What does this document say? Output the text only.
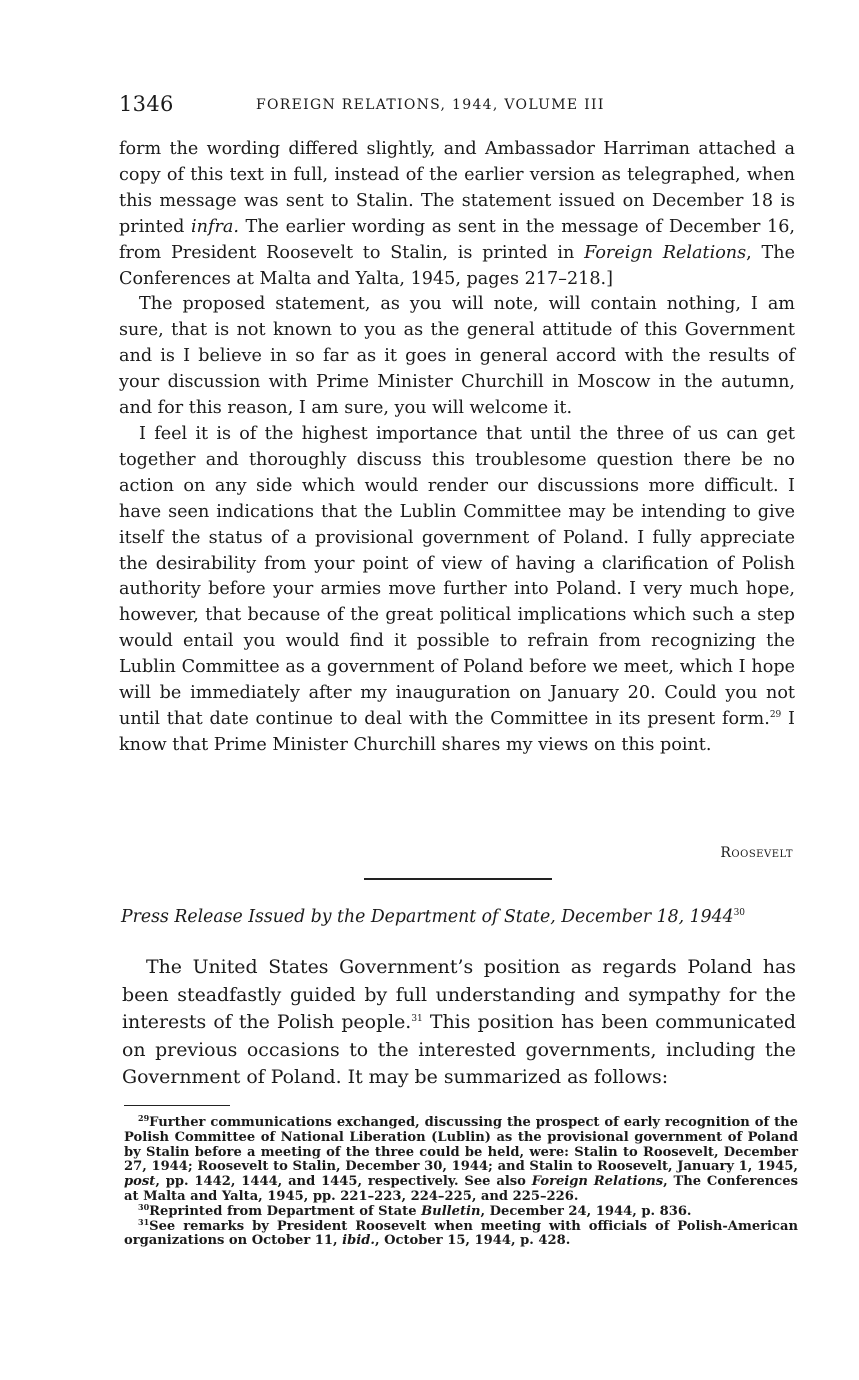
1346	FOREIGN RELATIONS, 1944, VOLUME III

form the wording differed slightly, and Ambassador Harriman attached a copy of this text in full, instead of the earlier version as telegraphed, when this message was sent to Stalin. The statement issued on December 18 is printed infra. The earlier wording as sent in the message of December 16, from President Roosevelt to Stalin, is printed in Foreign Relations, The Conferences at Malta and Yalta, 1945, pages 217–218.]

The proposed statement, as you will note, will contain nothing, I am sure, that is not known to you as the general attitude of this Government and is I believe in so far as it goes in general accord with the results of your discussion with Prime Minister Churchill in Moscow in the autumn, and for this reason, I am sure, you will welcome it.

I feel it is of the highest importance that until the three of us can get together and thoroughly discuss this troublesome question there be no action on any side which would render our discussions more difficult. I have seen indications that the Lublin Committee may be intending to give itself the status of a provisional government of Poland. I fully appreciate the desirability from your point of view of having a clarification of Polish authority before your armies move further into Poland. I very much hope, however, that because of the great political implications which such a step would entail you would find it possible to refrain from recognizing the Lublin Committee as a government of Poland before we meet, which I hope will be immediately after my inauguration on January 20. Could you not until that date continue to deal with the Committee in its present form.$^{29}$ I know that Prime Minister Churchill shares my views on this point.

Roosevelt
Press Release Issued by the Department of State, December 18, 1944$^{30}$

The United States Government’s position as regards Poland has been steadfastly guided by full understanding and sympathy for the interests of the Polish people.$^{31}$ This position has been communicated on previous occasions to the interested governments, including the Government of Poland. It may be summarized as follows:

$^{29}$Further communications exchanged, discussing the prospect of early recognition of the Polish Committee of National Liberation (Lublin) as the provisional government of Poland by Stalin before a meeting of the three could be held, were: Stalin to Roosevelt, December 27, 1944; Roosevelt to Stalin, December 30, 1944; and Stalin to Roosevelt, January 1, 1945, post, pp. 1442, 1444, and 1445, respectively. See also Foreign Relations, The Conferences at Malta and Yalta, 1945, pp. 221–223, 224–225, and 225–226.

$^{30}$Reprinted from Department of State Bulletin, December 24, 1944, p. 836.

$^{31}$See remarks by President Roosevelt when meeting with officials of Polish-American organizations on October 11, ibid., October 15, 1944, p. 428.
